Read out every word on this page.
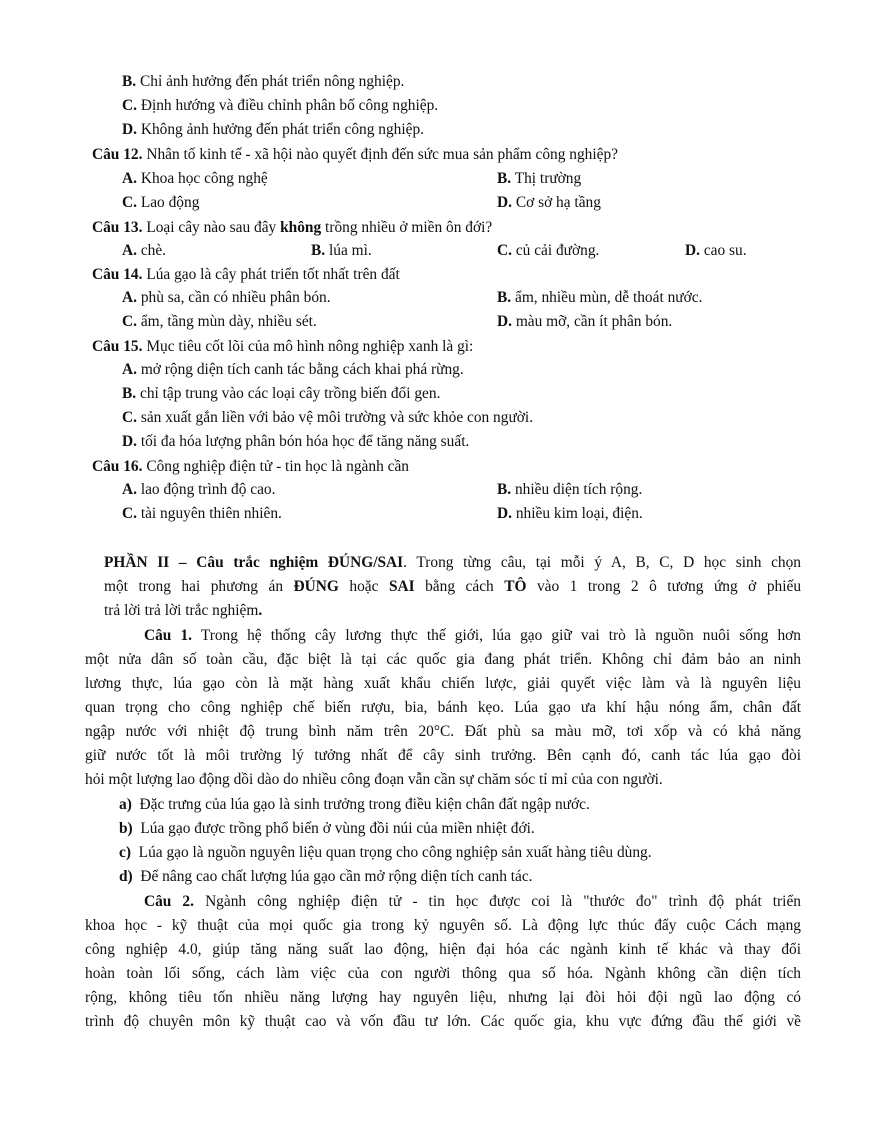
B. Chỉ ảnh hưởng đến phát triển nông nghiệp.
C. Định hướng và điều chỉnh phân bố công nghiệp.
D. Không ảnh hưởng đến phát triển công nghiệp.
Câu 12. Nhân tố kinh tế - xã hội nào quyết định đến sức mua sản phẩm công nghiệp?
A. Khoa học công nghệ	B. Thị trường
C. Lao động	D. Cơ sở hạ tầng
Câu 13. Loại cây nào sau đây không trồng nhiều ở miền ôn đới?
A. chè.	B. lúa mì.	C. củ cải đường.	D. cao su.
Câu 14. Lúa gạo là cây phát triển tốt nhất trên đất
A. phù sa, cần có nhiều phân bón.	B. ẩm, nhiều mùn, dễ thoát nước.
C. ẩm, tầng mùn dày, nhiều sét.	D. màu mỡ, cần ít phân bón.
Câu 15. Mục tiêu cốt lõi của mô hình nông nghiệp xanh là gì:
A. mở rộng diện tích canh tác bằng cách khai phá rừng.
B. chỉ tập trung vào các loại cây trồng biến đổi gen.
C. sản xuất gắn liền với bảo vệ môi trường và sức khỏe con người.
D. tối đa hóa lượng phân bón hóa học để tăng năng suất.
Câu 16. Công nghiệp điện tử - tin học là ngành cần
A. lao động trình độ cao.	B. nhiều diện tích rộng.
C. tài nguyên thiên nhiên.	D. nhiều kim loại, điện.
PHẦN II – Câu trắc nghiệm ĐÚNG/SAI. Trong từng câu, tại mỗi ý A, B, C, D học sinh chọn
một trong hai phương án ĐÚNG hoặc SAI bằng cách TÔ vào 1 trong 2 ô tương ứng ở phiếu
trả lời trả lời trắc nghiệm.
Câu 1. Trong hệ thống cây lương thực thế giới, lúa gạo giữ vai trò là nguồn nuôi sống hơn
một nửa dân số toàn cầu, đặc biệt là tại các quốc gia đang phát triển. Không chỉ đảm bảo an ninh
lương thực, lúa gạo còn là mặt hàng xuất khẩu chiến lược, giải quyết việc làm và là nguyên liệu
quan trọng cho công nghiệp chế biến rượu, bia, bánh kẹo. Lúa gạo ưa khí hậu nóng ẩm, chân đất
ngập nước với nhiệt độ trung bình năm trên 20°C. Đất phù sa màu mỡ, tơi xốp và có khả năng
giữ nước tốt là môi trường lý tưởng nhất để cây sinh trưởng. Bên cạnh đó, canh tác lúa gạo đòi
hỏi một lượng lao động dồi dào do nhiều công đoạn vẫn cần sự chăm sóc tỉ mỉ của con người.
a) Đặc trưng của lúa gạo là sinh trưởng trong điều kiện chân đất ngập nước.
b) Lúa gạo được trồng phổ biến ở vùng đồi núi của miền nhiệt đới.
c) Lúa gạo là nguồn nguyên liệu quan trọng cho công nghiệp sản xuất hàng tiêu dùng.
d) Để nâng cao chất lượng lúa gạo cần mở rộng diện tích canh tác.
Câu 2. Ngành công nghiệp điện tử - tin học được coi là "thước đo" trình độ phát triển
khoa học - kỹ thuật của mọi quốc gia trong kỷ nguyên số. Là động lực thúc đẩy cuộc Cách mạng
công nghiệp 4.0, giúp tăng năng suất lao động, hiện đại hóa các ngành kinh tế khác và thay đổi
hoàn toàn lối sống, cách làm việc của con người thông qua số hóa. Ngành không cần diện tích
rộng, không tiêu tốn nhiều năng lượng hay nguyên liệu, nhưng lại đòi hỏi đội ngũ lao động có
trình độ chuyên môn kỹ thuật cao và vốn đầu tư lớn. Các quốc gia, khu vực đứng đầu thế giới về
